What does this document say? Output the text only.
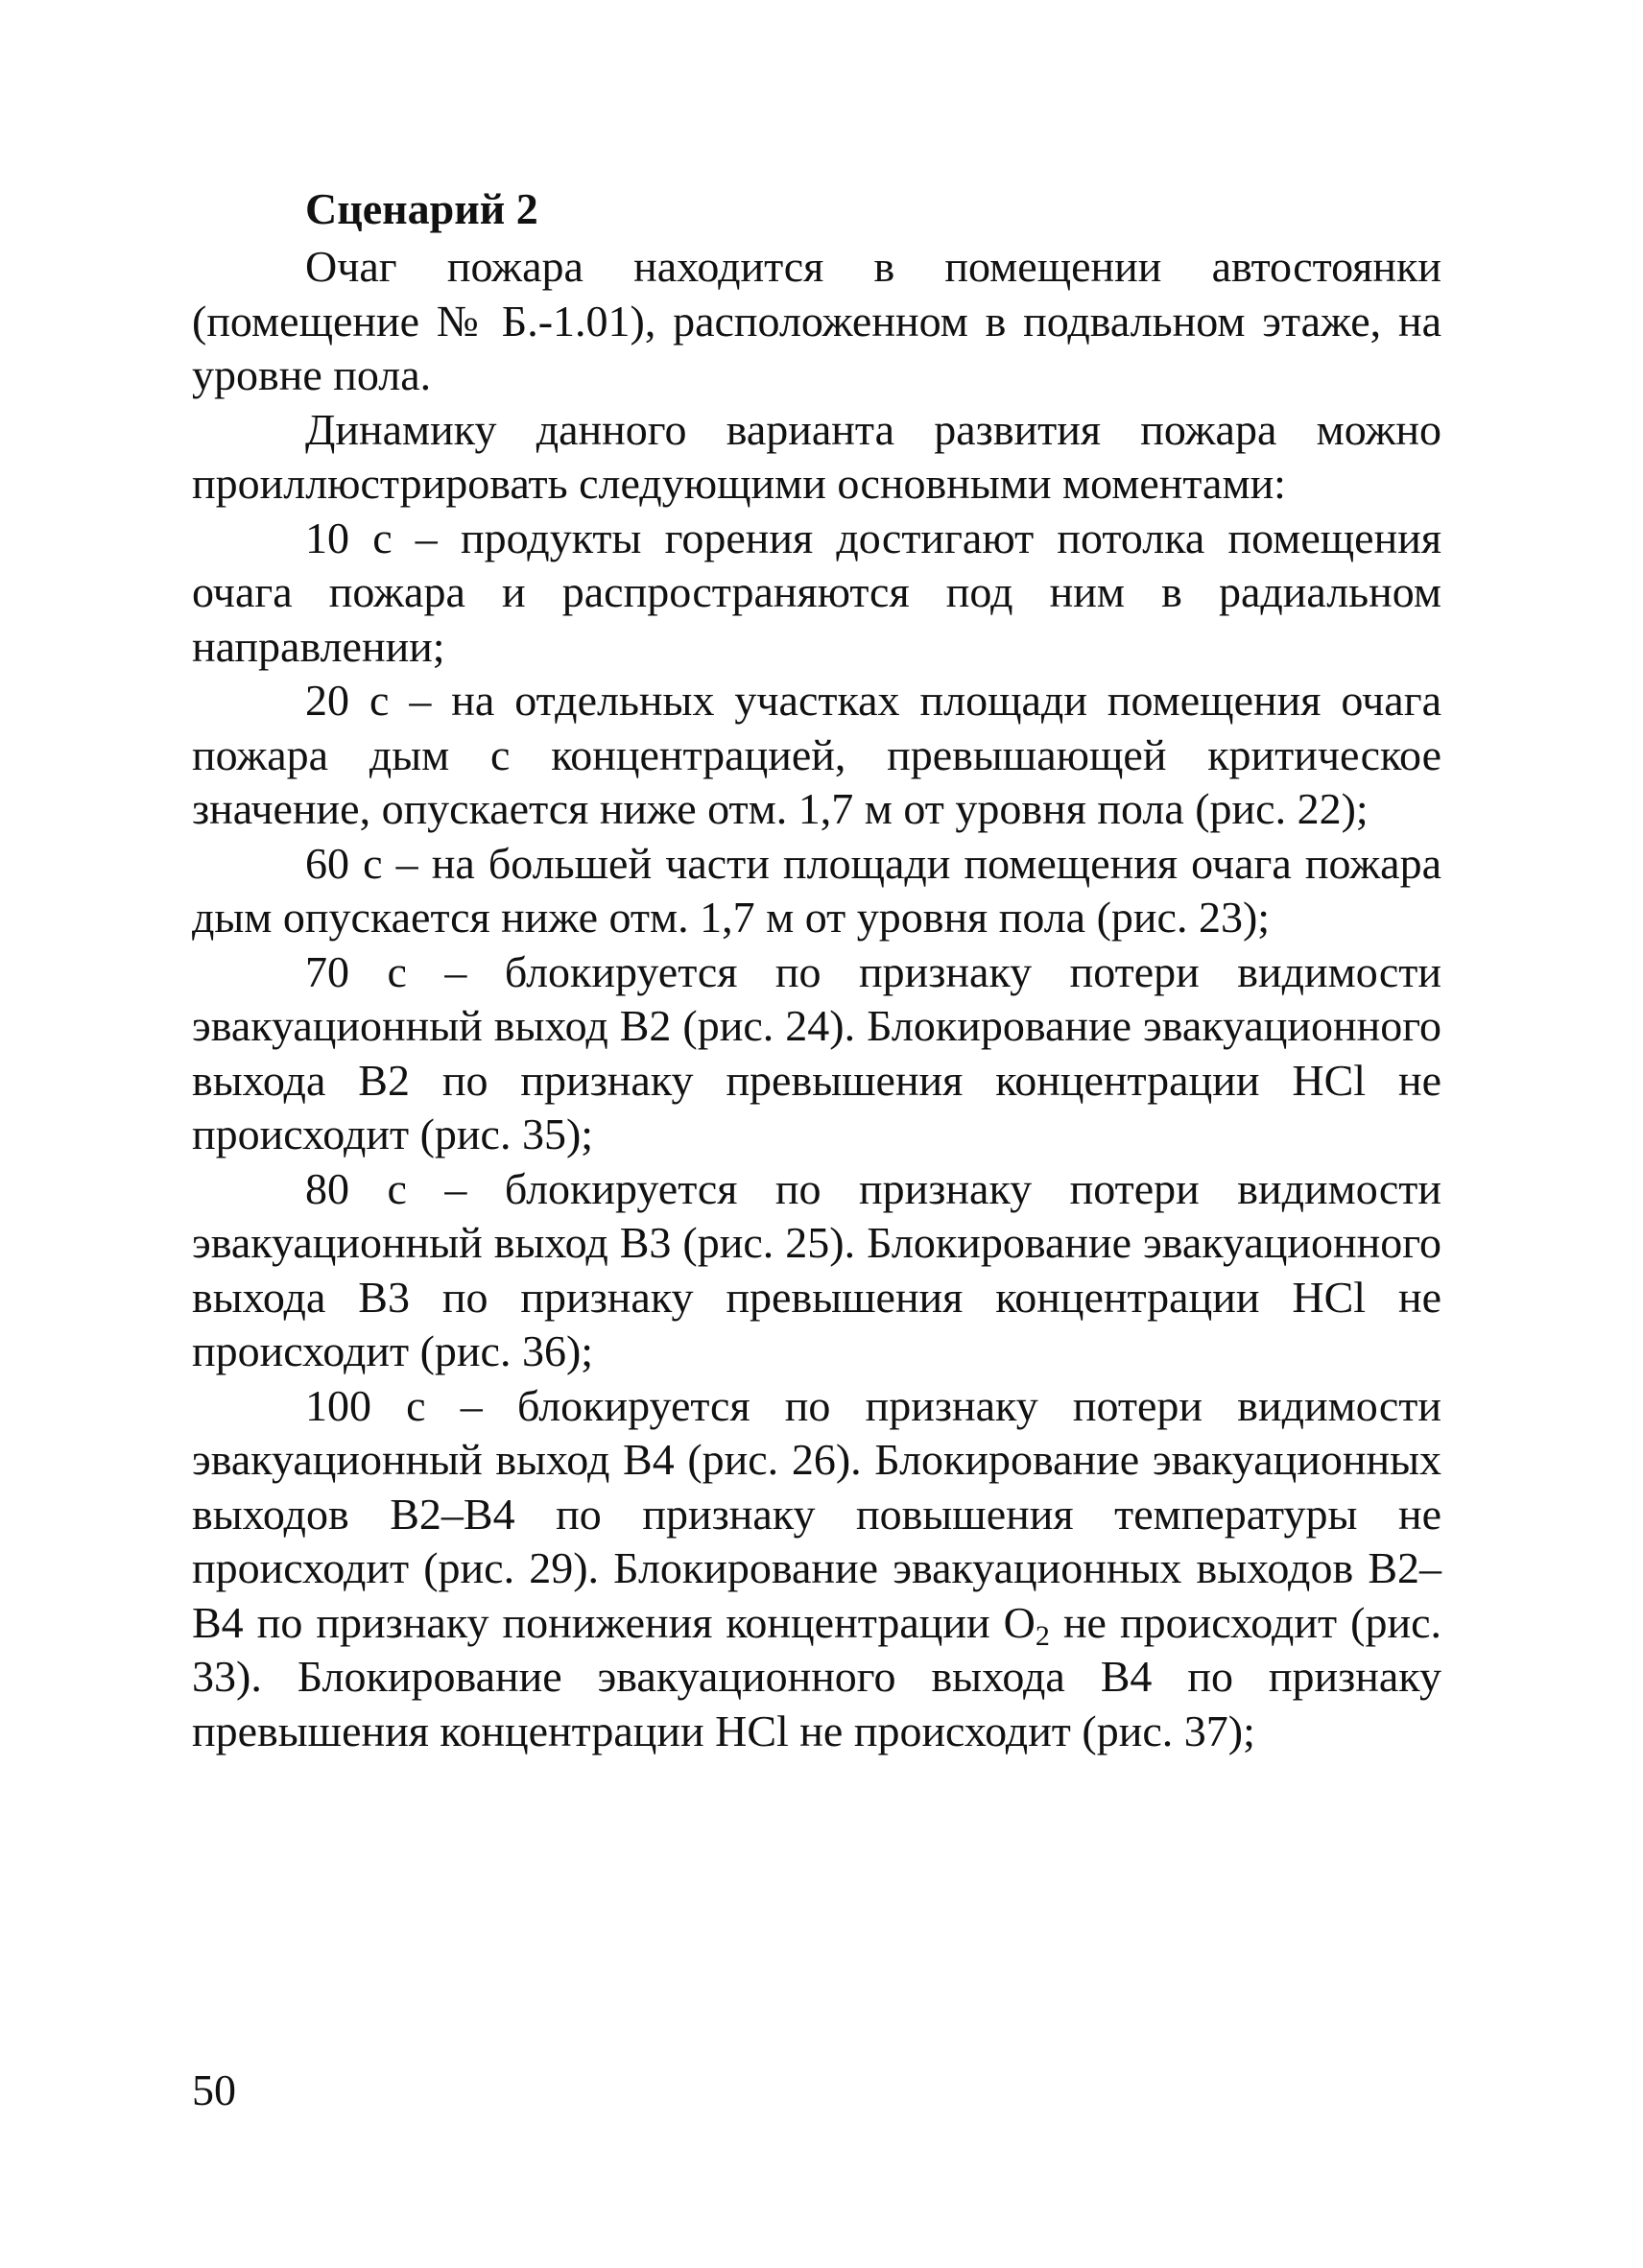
Сценарий 2

Очаг пожара находится в помещении автостоянки (помещение № Б.-1.01), расположенном в подвальном этаже, на уровне пола.

Динамику данного варианта развития пожара можно проиллюстрировать следующими основными моментами:

10 с – продукты горения достигают потолка помещения очага пожара и распространяются под ним в радиальном направлении;

20 с – на отдельных участках площади помещения очага пожара дым с концентрацией, превышающей критическое значение, опускается ниже отм. 1,7 м от уровня пола (рис. 22);

60 с – на большей части площади помещения очага пожара дым опускается ниже отм. 1,7 м от уровня пола (рис. 23);

70 с – блокируется по признаку потери видимости эвакуационный выход В2 (рис. 24). Блокирование эвакуационного выхода В2 по признаку превышения концентрации HCl не происходит (рис. 35);

80 с – блокируется по признаку потери видимости эвакуационный выход В3 (рис. 25). Блокирование эвакуационного выхода В3 по признаку превышения концентрации HCl не происходит (рис. 36);

100 с – блокируется по признаку потери видимости эвакуационный выход В4 (рис. 26). Блокирование эвакуационных выходов В2–В4 по признаку повышения температуры не происходит (рис. 29). Блокирование эвакуационных выходов В2–В4 по признаку понижения концентрации $O_2$ не происходит (рис. 33). Блокирование эвакуационного выхода В4 по признаку превышения концентрации HCl не происходит (рис. 37);

50
